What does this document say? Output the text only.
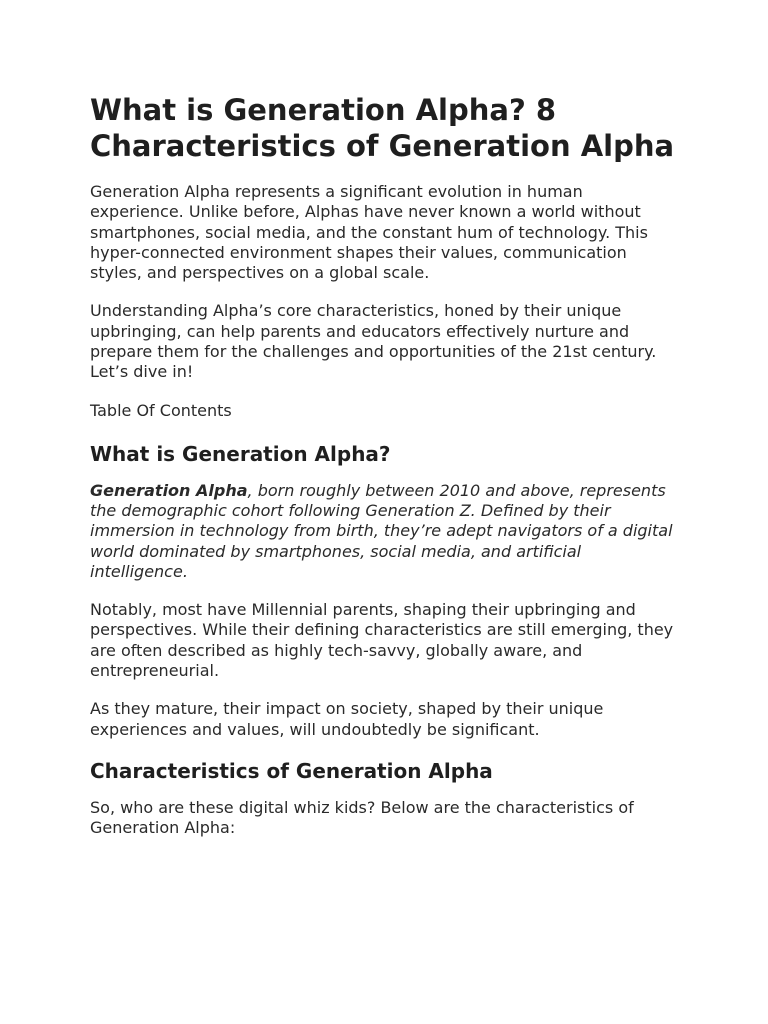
What is Generation Alpha? 8 Characteristics of Generation Alpha

Generation Alpha represents a significant evolution in human experience. Unlike before, Alphas have never known a world without smartphones, social media, and the constant hum of technology. This hyper-connected environment shapes their values, communication styles, and perspectives on a global scale.

Understanding Alpha’s core characteristics, honed by their unique upbringing, can help parents and educators effectively nurture and prepare them for the challenges and opportunities of the 21st century. Let’s dive in!

Table Of Contents
What is Generation Alpha?

Generation Alpha, born roughly between 2010 and above, represents the demographic cohort following Generation Z. Defined by their immersion in technology from birth, they’re adept navigators of a digital world dominated by smartphones, social media, and artificial intelligence.

Notably, most have Millennial parents, shaping their upbringing and perspectives. While their defining characteristics are still emerging, they are often described as highly tech-savvy, globally aware, and entrepreneurial.

As they mature, their impact on society, shaped by their unique experiences and values, will undoubtedly be significant.

Characteristics of Generation Alpha

So, who are these digital whiz kids? Below are the characteristics of Generation Alpha:
